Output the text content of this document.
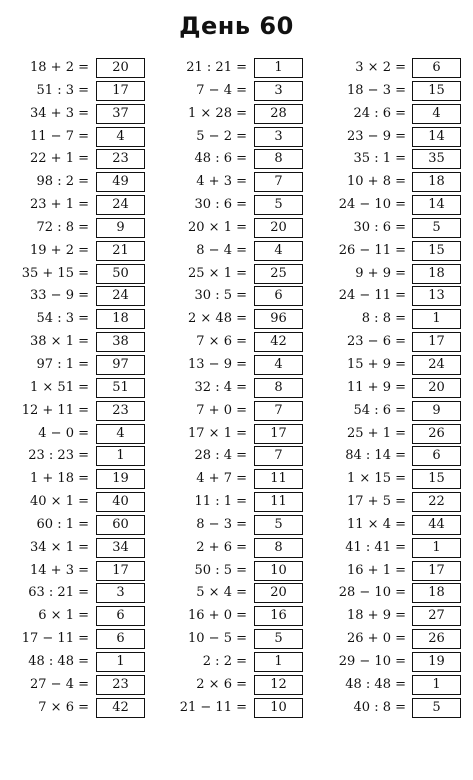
День 60
18 + 2 =	20
51 : 3 =	17
34 + 3 =	37
11 − 7 =	4
22 + 1 =	23
98 : 2 =	49
23 + 1 =	24
72 : 8 =	9
19 + 2 =	21
35 + 15 =	50
33 − 9 =	24
54 : 3 =	18
38 × 1 =	38
97 : 1 =	97
1 × 51 =	51
12 + 11 =	23
4 − 0 =	4
23 : 23 =	1
1 + 18 =	19
40 × 1 =	40
60 : 1 =	60
34 × 1 =	34
14 + 3 =	17
63 : 21 =	3
6 × 1 =	6
17 − 11 =	6
48 : 48 =	1
27 − 4 =	23
7 × 6 =	42
21 : 21 =	1
7 − 4 =	3
1 × 28 =	28
5 − 2 =	3
48 : 6 =	8
4 + 3 =	7
30 : 6 =	5
20 × 1 =	20
8 − 4 =	4
25 × 1 =	25
30 : 5 =	6
2 × 48 =	96
7 × 6 =	42
13 − 9 =	4
32 : 4 =	8
7 + 0 =	7
17 × 1 =	17
28 : 4 =	7
4 + 7 =	11
11 : 1 =	11
8 − 3 =	5
2 + 6 =	8
50 : 5 =	10
5 × 4 =	20
16 + 0 =	16
10 − 5 =	5
2 : 2 =	1
2 × 6 =	12
21 − 11 =	10
3 × 2 =	6
18 − 3 =	15
24 : 6 =	4
23 − 9 =	14
35 : 1 =	35
10 + 8 =	18
24 − 10 =	14
30 : 6 =	5
26 − 11 =	15
9 + 9 =	18
24 − 11 =	13
8 : 8 =	1
23 − 6 =	17
15 + 9 =	24
11 + 9 =	20
54 : 6 =	9
25 + 1 =	26
84 : 14 =	6
1 × 15 =	15
17 + 5 =	22
11 × 4 =	44
41 : 41 =	1
16 + 1 =	17
28 − 10 =	18
18 + 9 =	27
26 + 0 =	26
29 − 10 =	19
48 : 48 =	1
40 : 8 =	5
